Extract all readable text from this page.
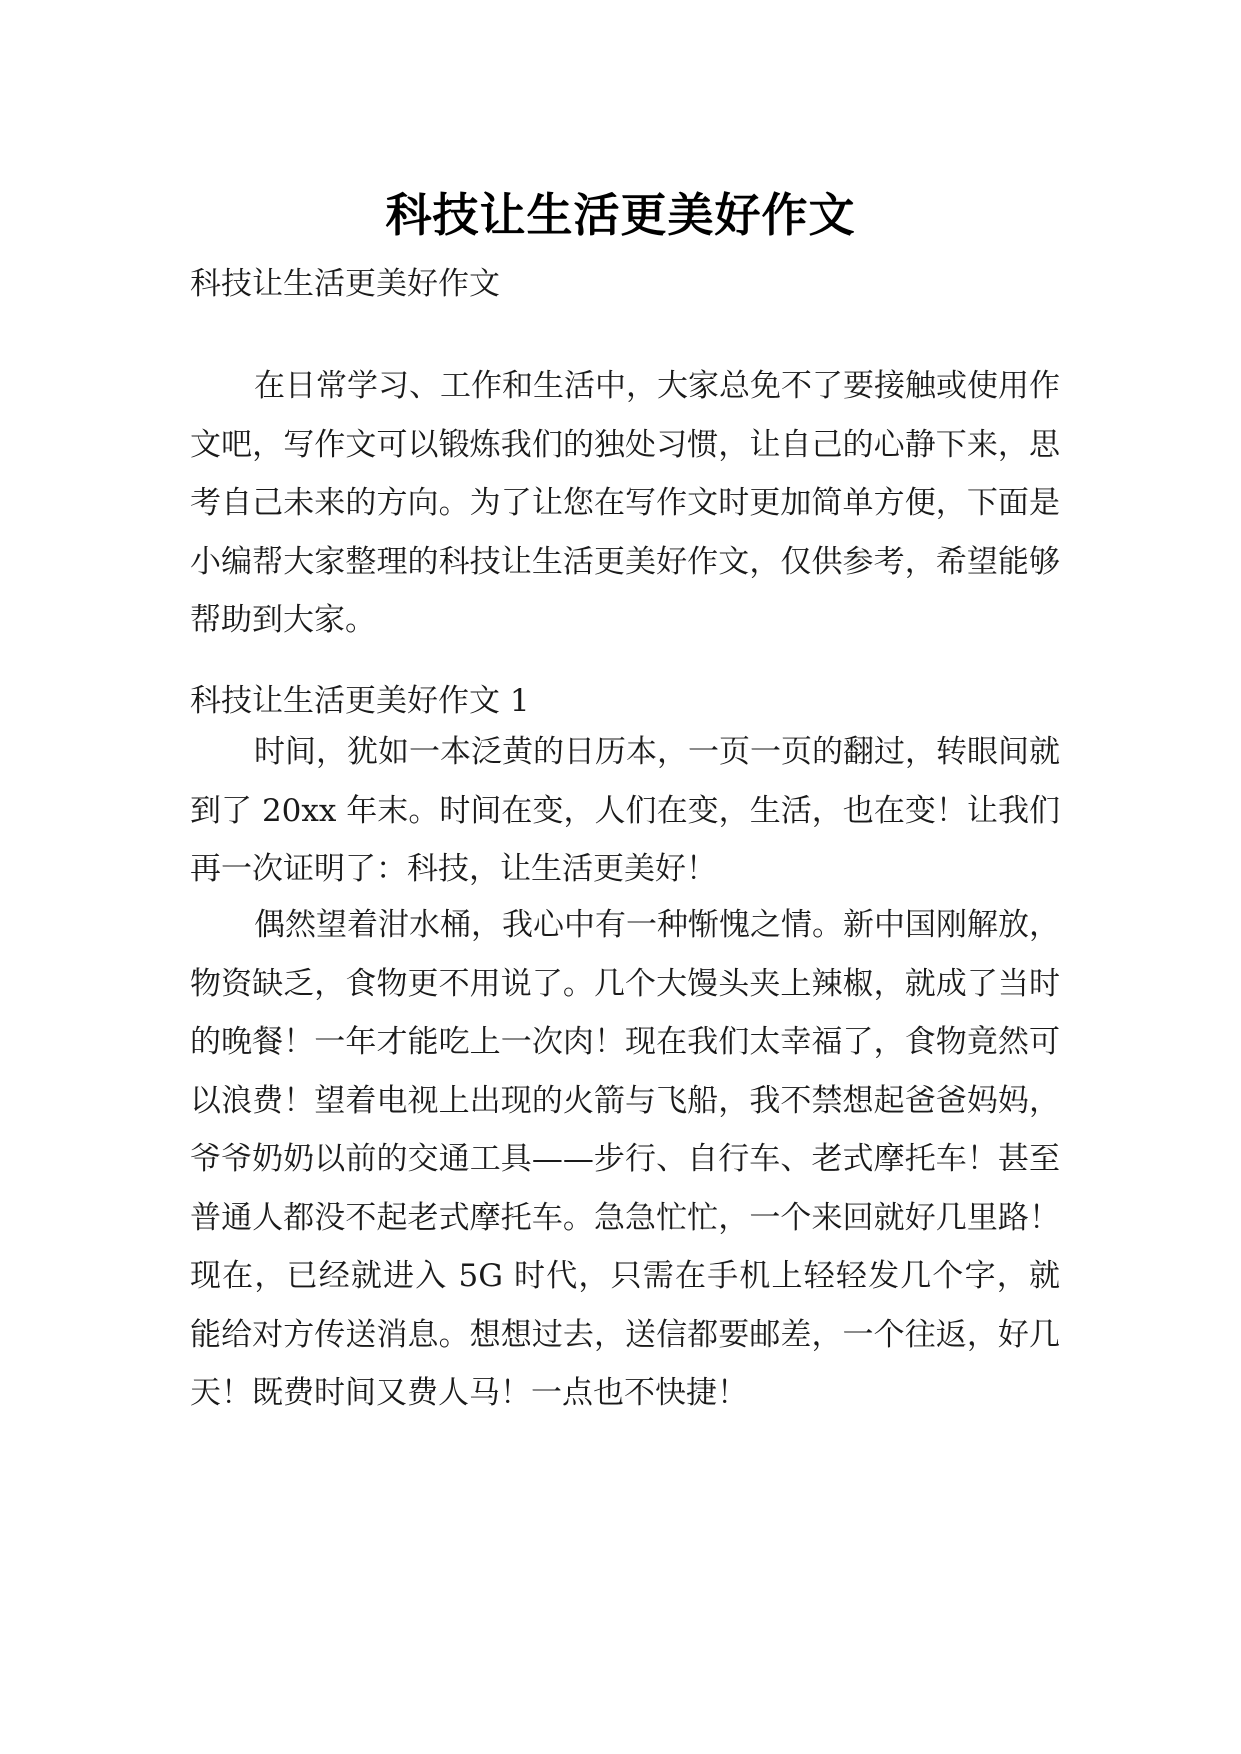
科技让生活更美好作文

科技让生活更美好作文

在日常学习、工作和生活中，大家总免不了要接触或使用作文吧，写作文可以锻炼我们的独处习惯，让自己的心静下来，思考自己未来的方向。为了让您在写作文时更加简单方便，下面是小编帮大家整理的科技让生活更美好作文，仅供参考，希望能够帮助到大家。

科技让生活更美好作文 1

时间，犹如一本泛黄的日历本，一页一页的翻过，转眼间就到了 20xx 年末。时间在变，人们在变，生活，也在变！让我们再一次证明了：科技，让生活更美好！

偶然望着泔水桶，我心中有一种惭愧之情。新中国刚解放，物资缺乏，食物更不用说了。几个大馒头夹上辣椒，就成了当时的晚餐！一年才能吃上一次肉！现在我们太幸福了，食物竟然可以浪费！望着电视上出现的火箭与飞船，我不禁想起爸爸妈妈，爷爷奶奶以前的交通工具——步行、自行车、老式摩托车！甚至普通人都没不起老式摩托车。急急忙忙，一个来回就好几里路！现在，已经就进入 5G 时代，只需在手机上轻轻发几个字，就能给对方传送消息。想想过去，送信都要邮差，一个往返，好几天！既费时间又费人马！一点也不快捷！
